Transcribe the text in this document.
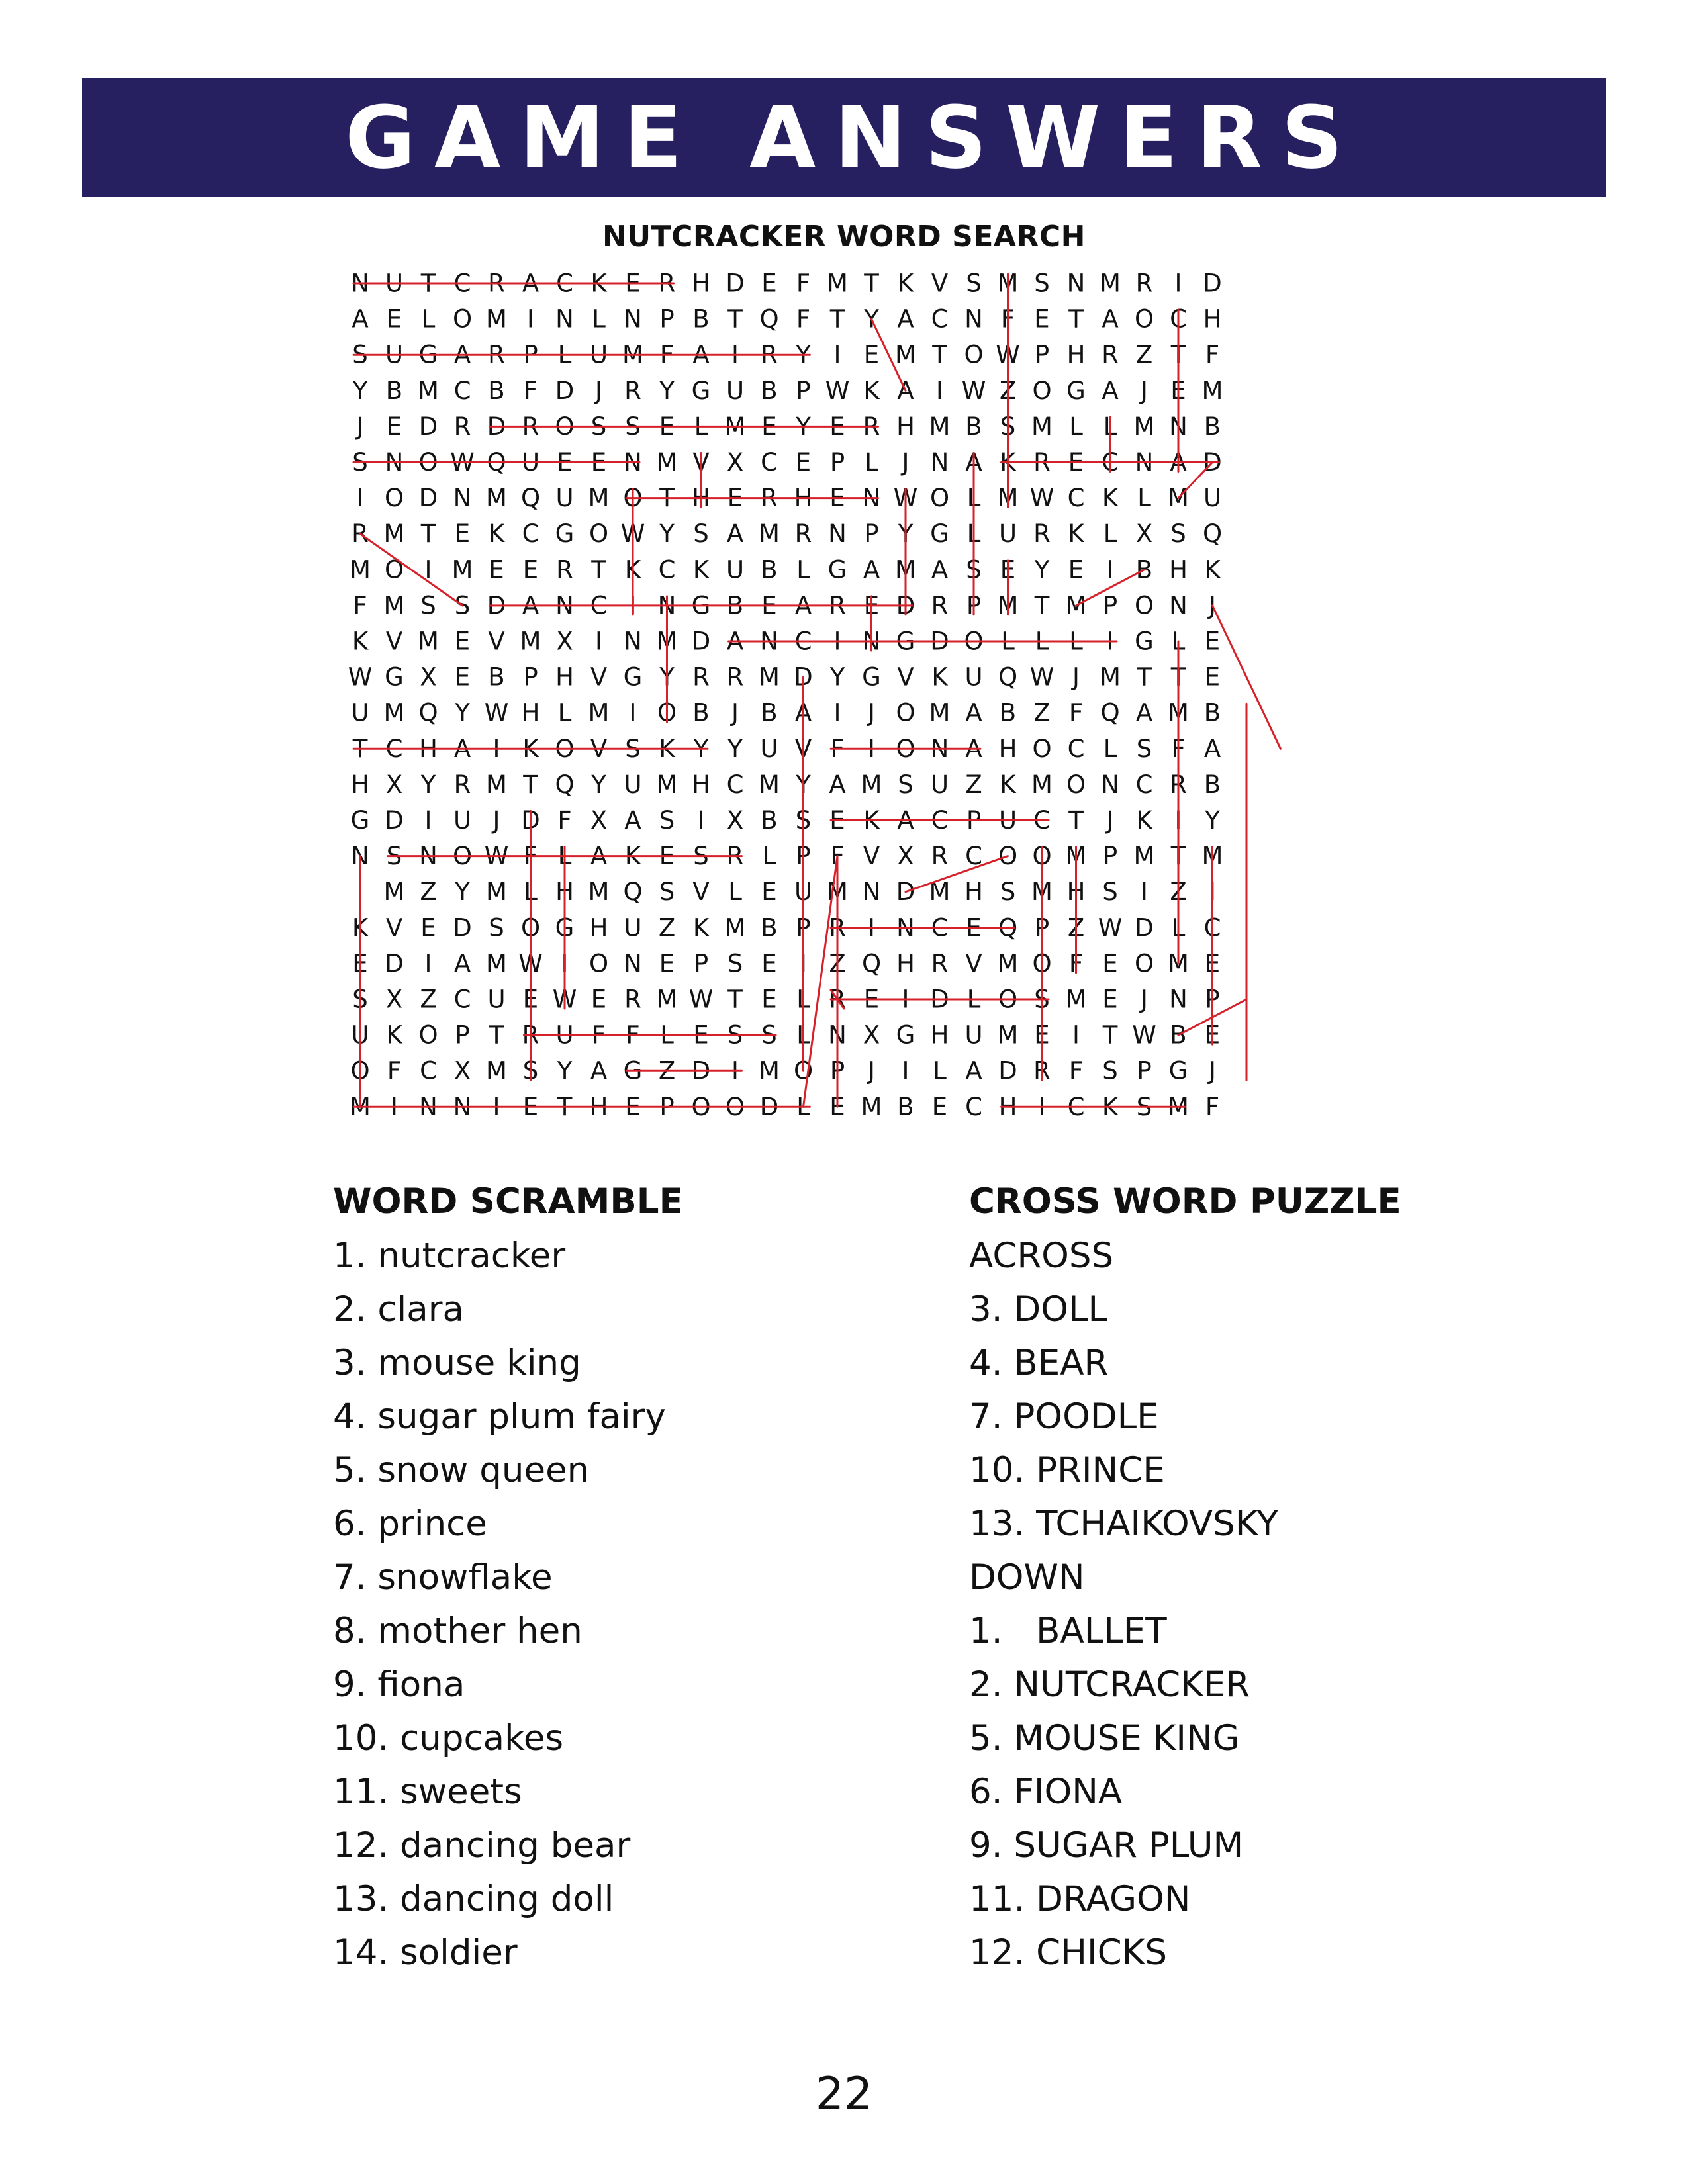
GAME ANSWERS
NUTCRACKER WORD SEARCH
N U T C R A C K E R H D E F M T K V S M S N M R I D
A E L O M I N L N P B T Q F T Y A C N F E T A O C H
S U G A R P L U M F A I R Y I E M T O W P H R Z T F
Y B M C B F D J R Y G U B P W K A I W Z O G A J E M
J E D R D R O S S E L M E Y E R H M B S M L L M N B
S N O W Q U E E N M V X C E P L J N A K R E C N A D
I O D N M Q U M O T H E R H E N W O L M W C K L M U
R M T E K C G O W Y S A M R N P Y G L U R K L X S Q
M O I M E E R T K C K U B L G A M A S E Y E I B H K
F M S S D A N C I N G B E A R E D R P M T M P O N J
K V M E V M X I N M D A N C I N G D O L L L I G L E
W G X E B P H V G Y R R M D Y G V K U Q W J M T T E
U M Q Y W H L M I O B J B A I J O M A B Z F Q A M B
T C H A I K O V S K Y Y U V F I O N A H O C L S F A
H X Y R M T Q Y U M H C M Y A M S U Z K M O N C R B
G D I U J D F X A S I X B S E K A C P U C T J K I Y
N S N O W F L A K E S R L P F V X R C O O M P M T M
I M Z Y M L H M Q S V L E U M N D M H S M H S I Z I
K V E D S O G H U Z K M B P R I N C E Q P Z W D L C
E D I A M W I O N E P S E I Z Q H R V M O F E O M E
S X Z C U E W E R M W T E L R E I D L O S M E J N P
U K O P T R U F F L E S S L N X G H U M E I T W B E
O F C X M S Y A G Z D I M O P J I L A D R F S P G J
M I N N I E T H E P O O D L E M B E C H I C K S M F
WORD SCRAMBLE
1. nutcracker
2. clara
3. mouse king
4. sugar plum fairy
5. snow queen
6. prince
7. snowflake
8. mother hen
9. fiona
10. cupcakes
11. sweets
12. dancing bear
13. dancing doll
14. soldier
CROSS WORD PUZZLE
ACROSS
3. DOLL
4. BEAR
7. POODLE
10. PRINCE
13. TCHAIKOVSKY
DOWN
1.   BALLET
2. NUTCRACKER
5. MOUSE KING
6. FIONA
9. SUGAR PLUM
11. DRAGON
12. CHICKS
22
